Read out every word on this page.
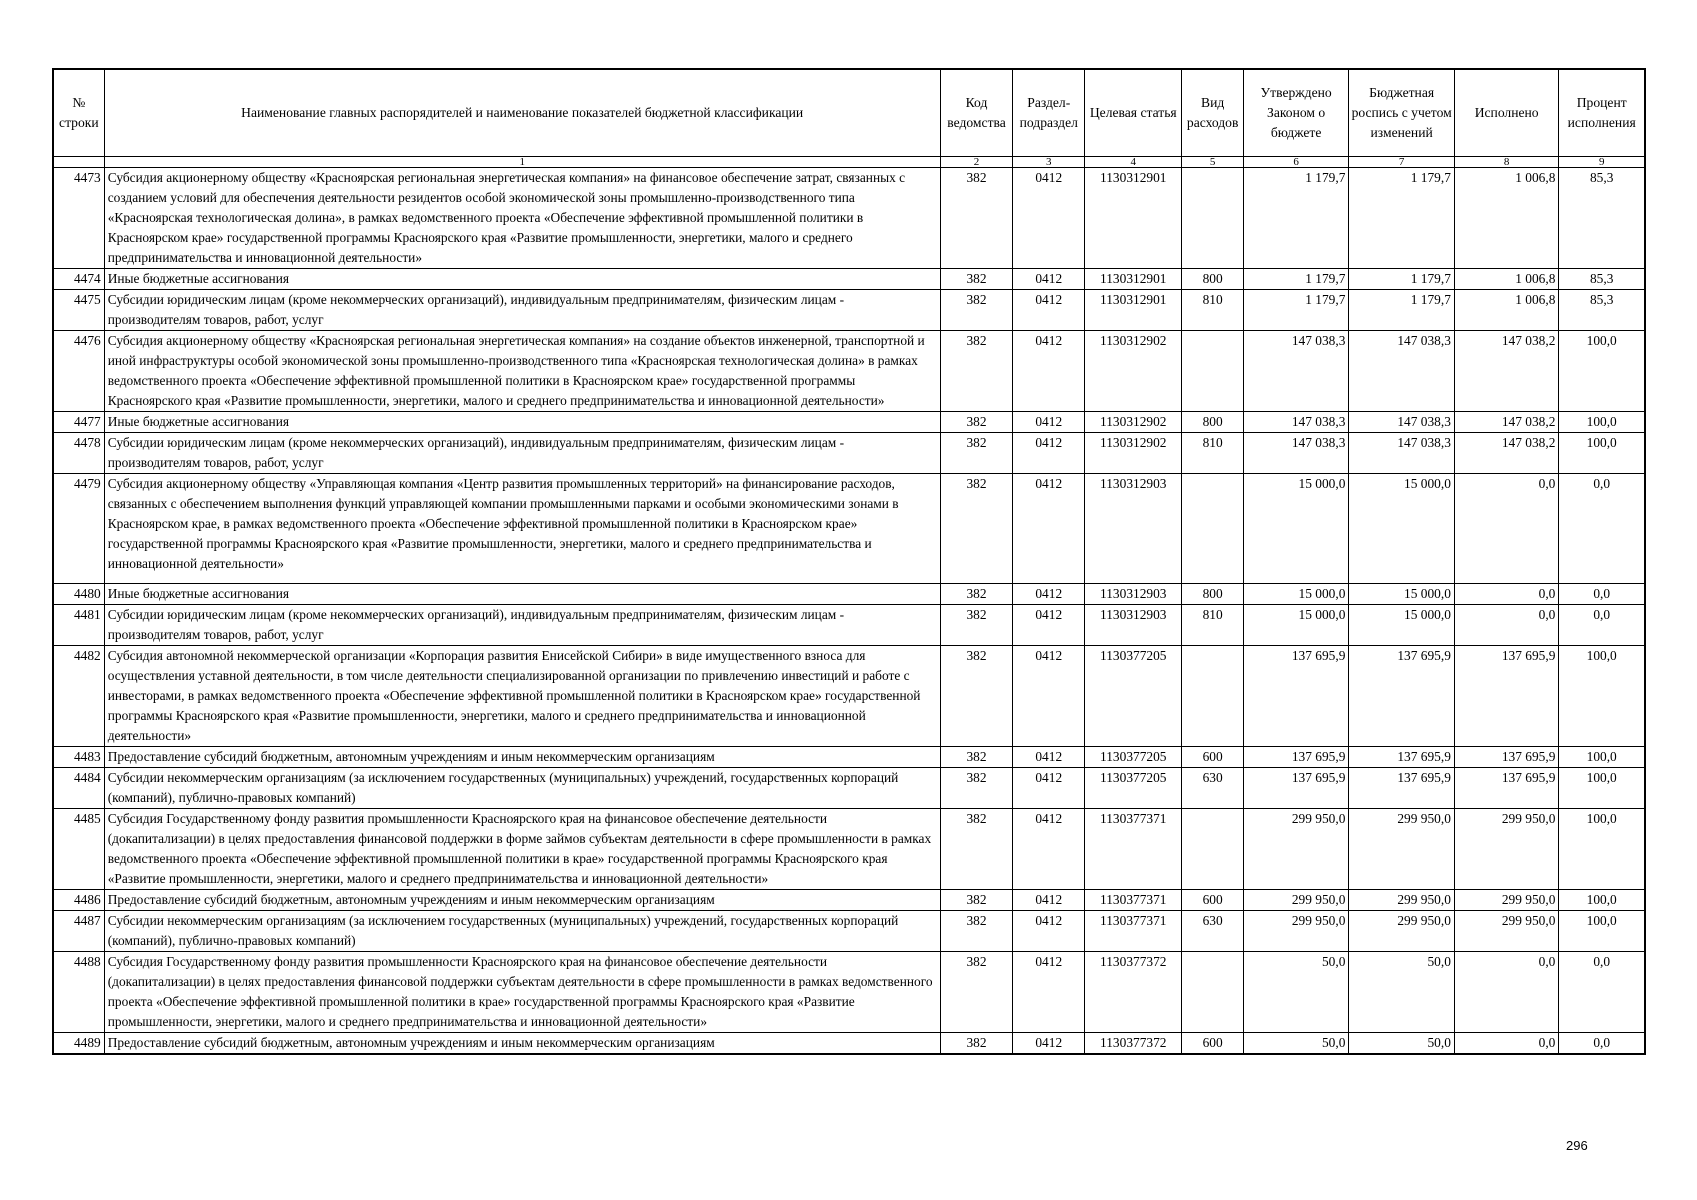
№ строки	Наименование главных распорядителей и наименование показателей бюджетной классификации	Код ведомства	Раздел-подраздел	Целевая статья	Вид расходов	Утверждено Законом о бюджете	Бюджетная роспись с учетом изменений	Исполнено	Процент исполнения
	1	2	3	4	5	6	7	8	9
4473	Субсидия акционерному обществу «Красноярская региональная энергетическая компания» на финансовое обеспечение затрат, связанных с созданием условий для обеспечения деятельности резидентов особой экономической зоны промышленно-производственного типа «Красноярская технологическая долина», в рамках ведомственного проекта «Обеспечение эффективной промышленной политики в Красноярском крае» государственной программы Красноярского края «Развитие промышленности, энергетики, малого и среднего предпринимательства и инновационной деятельности»	382	0412	1130312901		1 179,7	1 179,7	1 006,8	85,3
4474	Иные бюджетные ассигнования	382	0412	1130312901	800	1 179,7	1 179,7	1 006,8	85,3
4475	Субсидии юридическим лицам (кроме некоммерческих организаций), индивидуальным предпринимателям, физическим лицам - производителям товаров, работ, услуг	382	0412	1130312901	810	1 179,7	1 179,7	1 006,8	85,3
4476	Субсидия акционерному обществу «Красноярская региональная энергетическая компания» на создание объектов инженерной, транспортной и иной инфраструктуры особой экономической зоны промышленно-производственного типа «Красноярская технологическая долина» в рамках ведомственного проекта «Обеспечение эффективной промышленной политики в Красноярском крае» государственной программы Красноярского края «Развитие промышленности, энергетики, малого и среднего предпринимательства и инновационной деятельности»	382	0412	1130312902		147 038,3	147 038,3	147 038,2	100,0
4477	Иные бюджетные ассигнования	382	0412	1130312902	800	147 038,3	147 038,3	147 038,2	100,0
4478	Субсидии юридическим лицам (кроме некоммерческих организаций), индивидуальным предпринимателям, физическим лицам - производителям товаров, работ, услуг	382	0412	1130312902	810	147 038,3	147 038,3	147 038,2	100,0
4479	Субсидия акционерному обществу «Управляющая компания «Центр развития промышленных территорий» на финансирование расходов, связанных с обеспечением выполнения функций управляющей компании промышленными парками и особыми экономическими зонами в Красноярском крае, в рамках ведомственного проекта «Обеспечение эффективной промышленной политики в Красноярском крае» государственной программы Красноярского края «Развитие промышленности, энергетики, малого и среднего предпринимательства и инновационной деятельности»	382	0412	1130312903		15 000,0	15 000,0	0,0	0,0
4480	Иные бюджетные ассигнования	382	0412	1130312903	800	15 000,0	15 000,0	0,0	0,0
4481	Субсидии юридическим лицам (кроме некоммерческих организаций), индивидуальным предпринимателям, физическим лицам - производителям товаров, работ, услуг	382	0412	1130312903	810	15 000,0	15 000,0	0,0	0,0
4482	Субсидия автономной некоммерческой организации «Корпорация развития Енисейской Сибири» в виде имущественного взноса для осуществления уставной деятельности, в том числе деятельности специализированной организации по привлечению инвестиций и работе с инвесторами, в рамках ведомственного проекта «Обеспечение эффективной промышленной политики в Красноярском крае» государственной программы Красноярского края «Развитие промышленности, энергетики, малого и среднего предпринимательства и инновационной деятельности»	382	0412	1130377205		137 695,9	137 695,9	137 695,9	100,0
4483	Предоставление субсидий бюджетным, автономным учреждениям и иным некоммерческим организациям	382	0412	1130377205	600	137 695,9	137 695,9	137 695,9	100,0
4484	Субсидии некоммерческим организациям (за исключением государственных (муниципальных) учреждений, государственных корпораций (компаний), публично-правовых компаний)	382	0412	1130377205	630	137 695,9	137 695,9	137 695,9	100,0
4485	Субсидия Государственному фонду развития промышленности Красноярского края на финансовое обеспечение деятельности (докапитализации) в целях предоставления финансовой поддержки в форме займов субъектам деятельности в сфере промышленности в рамках ведомственного проекта «Обеспечение эффективной промышленной политики в крае» государственной программы Красноярского края «Развитие промышленности, энергетики, малого и среднего предпринимательства и инновационной деятельности»	382	0412	1130377371		299 950,0	299 950,0	299 950,0	100,0
4486	Предоставление субсидий бюджетным, автономным учреждениям и иным некоммерческим организациям	382	0412	1130377371	600	299 950,0	299 950,0	299 950,0	100,0
4487	Субсидии некоммерческим организациям (за исключением государственных (муниципальных) учреждений, государственных корпораций (компаний), публично-правовых компаний)	382	0412	1130377371	630	299 950,0	299 950,0	299 950,0	100,0
4488	Субсидия Государственному фонду развития промышленности Красноярского края на финансовое обеспечение деятельности (докапитализации) в целях предоставления финансовой поддержки субъектам деятельности в сфере промышленности в рамках ведомственного проекта «Обеспечение эффективной промышленной политики в крае» государственной программы Красноярского края «Развитие промышленности, энергетики, малого и среднего предпринимательства и инновационной деятельности»	382	0412	1130377372		50,0	50,0	0,0	0,0
4489	Предоставление субсидий бюджетным, автономным учреждениям и иным некоммерческим организациям	382	0412	1130377372	600	50,0	50,0	0,0	0,0
296
